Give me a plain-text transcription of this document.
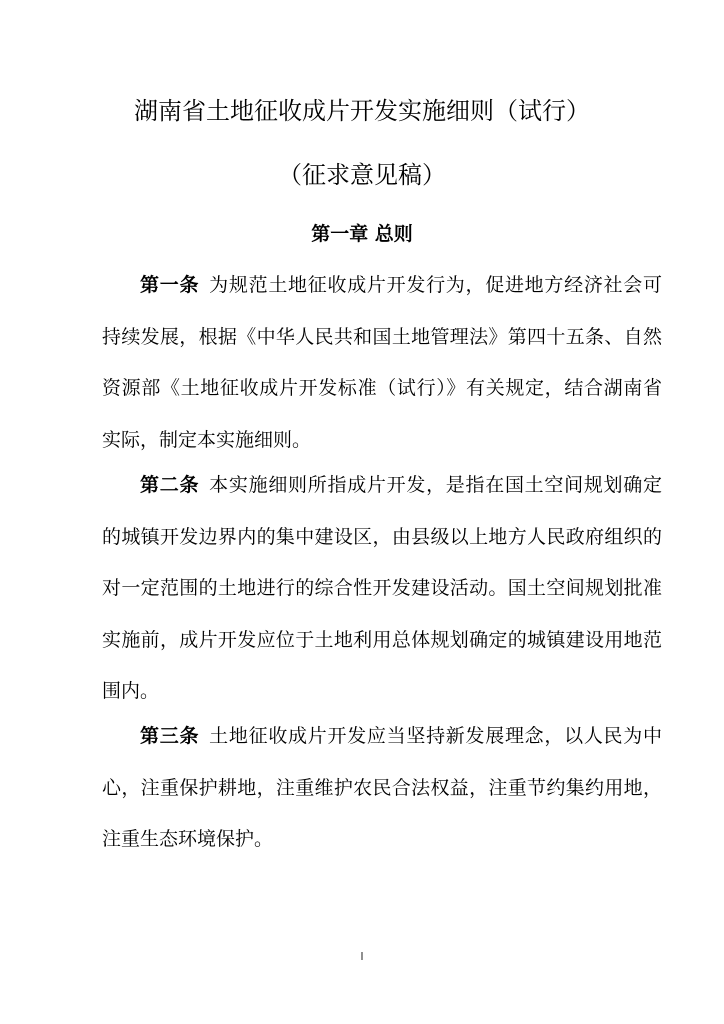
湖南省土地征收成片开发实施细则（试行）
（征求意见稿）
第一章 总则

第一条 为规范土地征收成片开发行为，促进地方经济社会可持续发展，根据《中华人民共和国土地管理法》第四十五条、自然资源部《土地征收成片开发标准（试行）》有关规定，结合湖南省实际，制定本实施细则。

第二条 本实施细则所指成片开发，是指在国土空间规划确定的城镇开发边界内的集中建设区，由县级以上地方人民政府组织的对一定范围的土地进行的综合性开发建设活动。国土空间规划批准实施前，成片开发应位于土地利用总体规划确定的城镇建设用地范围内。

第三条 土地征收成片开发应当坚持新发展理念，以人民为中心，注重保护耕地，注重维护农民合法权益，注重节约集约用地，注重生态环境保护。

I
